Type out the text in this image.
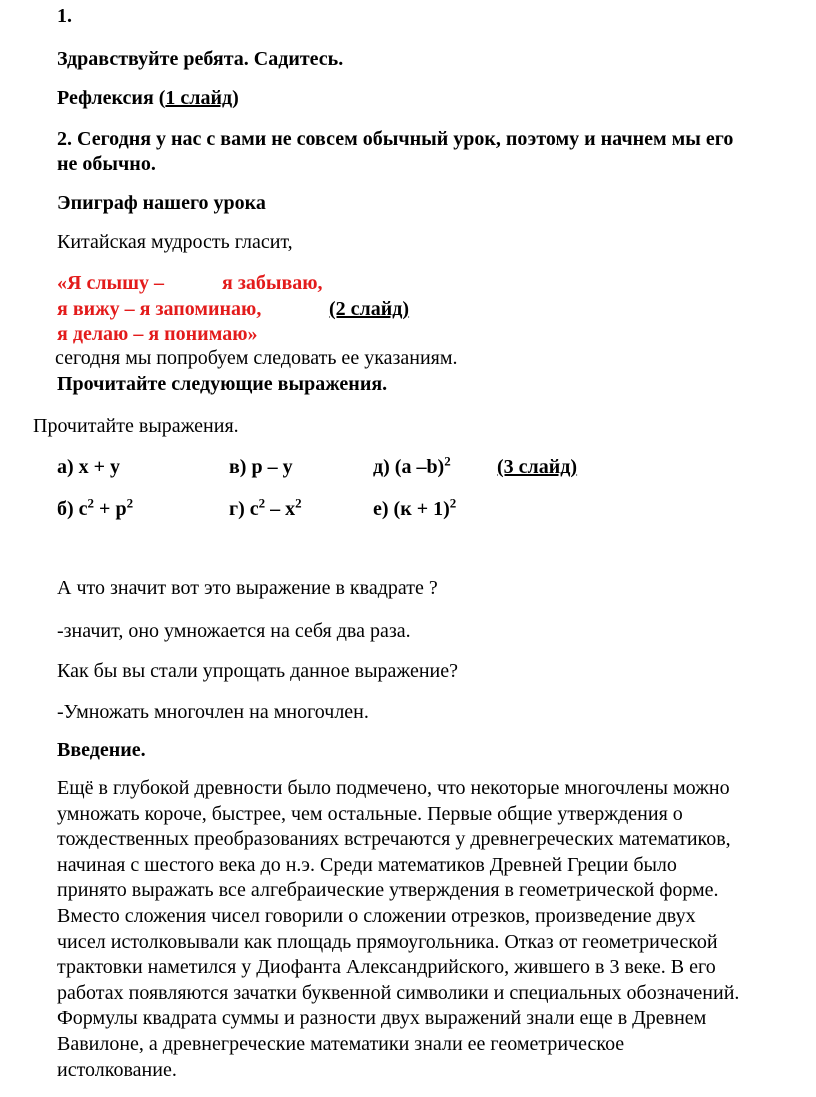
1.
Здравствуйте ребята. Садитесь.
Рефлексия (1 слайд)
2. Сегодня у нас с вами не совсем обычный урок, поэтому и начнем мы его
не обычно.
Эпиграф нашего урока
Китайская мудрость гласит,
«Я слышу –	я забываю,
я вижу – я запоминаю,	(2 слайд)
я делаю – я понимаю»
сегодня мы попробуем следовать ее указаниям.
Прочитайте следующие выражения.
Прочитайте выражения.
а) х + у	в) р – у	д) (а –b)$^2$ (3 слайд)
б) $с^2 + р^2$	г) $с^2 - х^2$	е) $(к + 1)^2$
А что значит вот это выражение в квадрате ?
-значит, оно умножается на себя два раза.
Как бы вы стали упрощать данное выражение?
-Умножать многочлен на многочлен.
Введение.
Ещё в глубокой древности было подмечено, что некоторые многочлены можно
умножать короче, быстрее, чем остальные. Первые общие утверждения о
тождественных преобразованиях встречаются у древнегреческих математиков,
начиная с шестого века до н.э. Среди математиков Древней Греции было
принято выражать все алгебраические утверждения в геометрической форме.
Вместо сложения чисел говорили о сложении отрезков, произведение двух
чисел истолковывали как площадь прямоугольника. Отказ от геометрической
трактовки наметился у Диофанта Александрийского, жившего в 3 веке. В его
работах появляются зачатки буквенной символики и специальных обозначений.
Формулы квадрата суммы и разности двух выражений знали еще в Древнем
Вавилоне, а древнегреческие математики знали ее геометрическое
истолкование.
